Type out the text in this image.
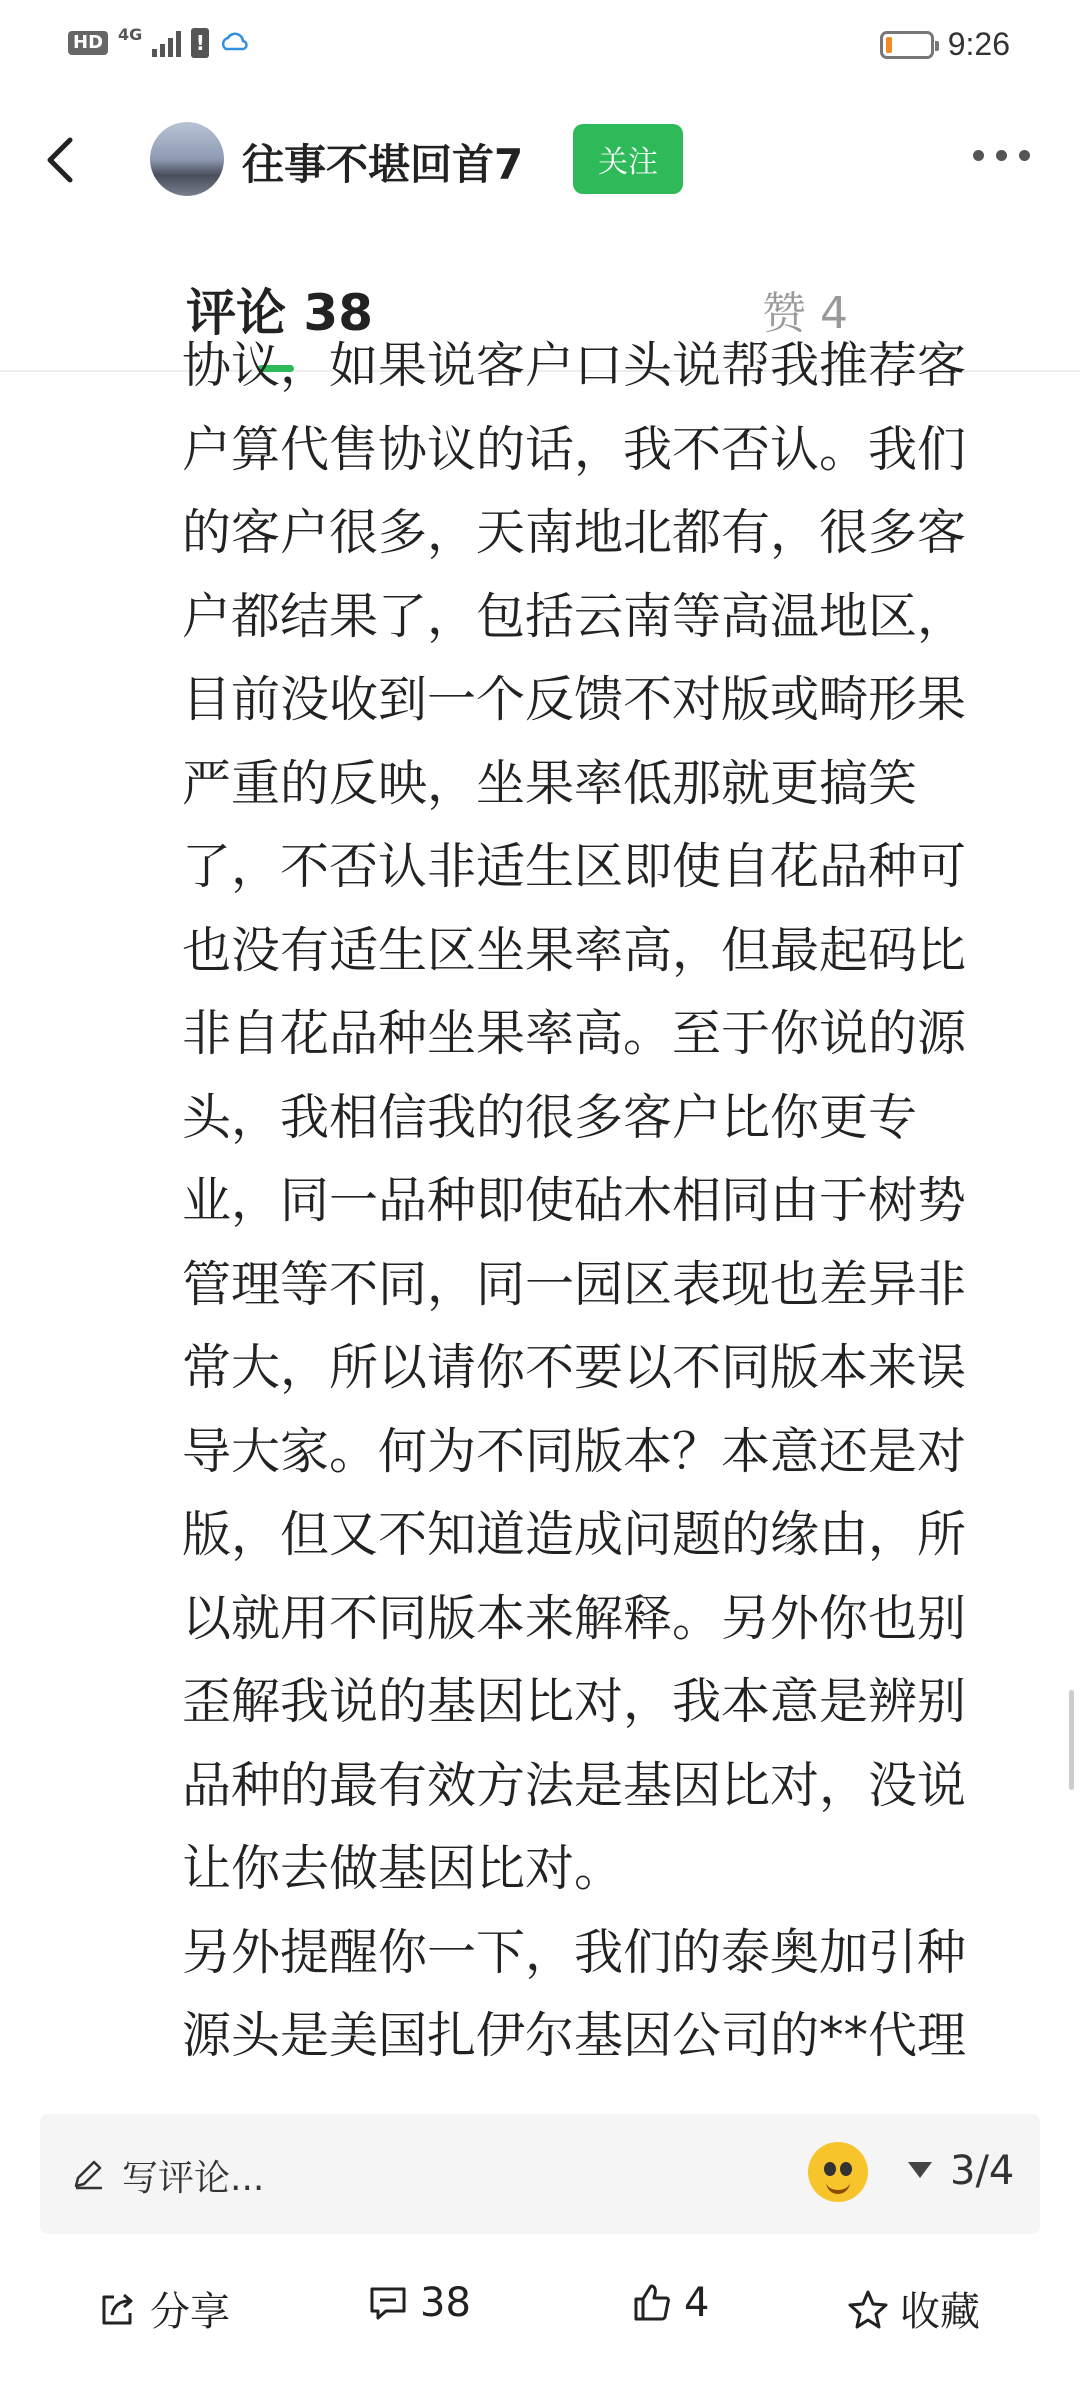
HD 4G	!	9:26
往事不堪回首7	关注
评论 38	赞 4

协议，如果说客户口头说帮我推荐客

户算代售协议的话，我不否认。我们

的客户很多，天南地北都有，很多客

户都结果了，包括云南等高温地区，

目前没收到一个反馈不对版或畸形果

严重的反映，坐果率低那就更搞笑

了，不否认非适生区即使自花品种可

也没有适生区坐果率高，但最起码比

非自花品种坐果率高。至于你说的源

头，我相信我的很多客户比你更专

业，同一品种即使砧木相同由于树势

管理等不同，同一园区表现也差异非

常大，所以请你不要以不同版本来误

导大家。何为不同版本？本意还是对

版，但又不知道造成问题的缘由，所

以就用不同版本来解释。另外你也别

歪解我说的基因比对，我本意是辨别

品种的最有效方法是基因比对，没说

让你去做基因比对。

另外提醒你一下，我们的泰奥加引种

源头是美国扎伊尔基因公司的**代理

写评论...	3/4
分享	38	4	收藏
